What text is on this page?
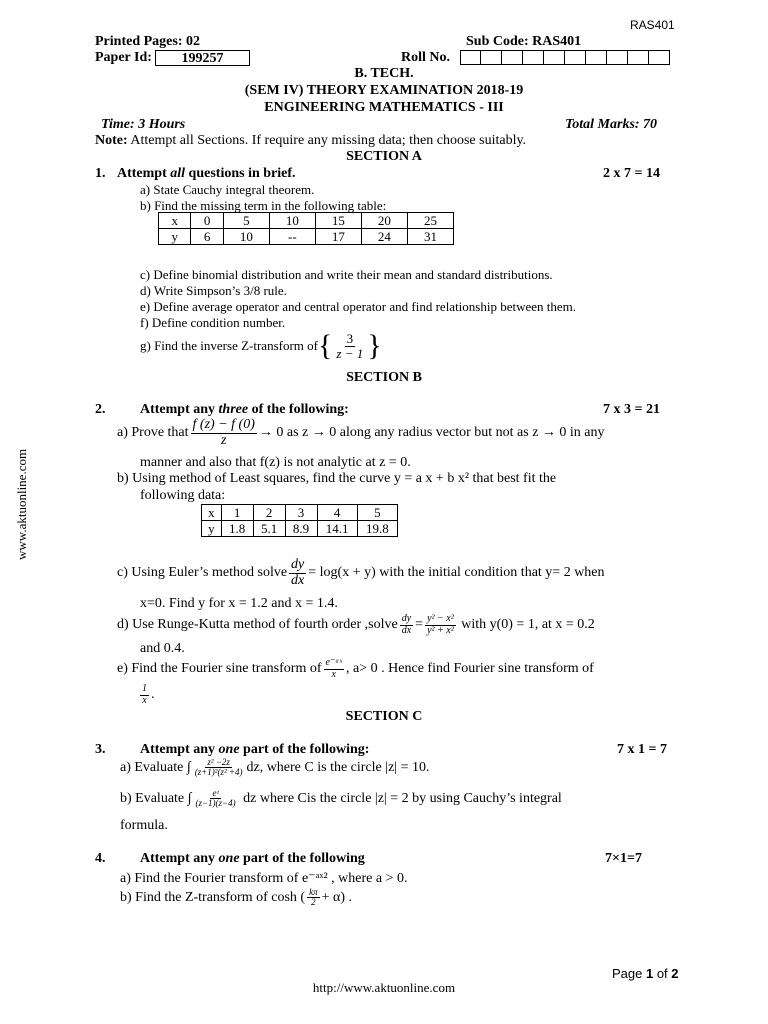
RAS401
Printed Pages: 02	Sub Code: RAS401
Paper Id:	199257	Roll No.
B. TECH.
(SEM IV) THEORY EXAMINATION 2018-19
ENGINEERING MATHEMATICS - III
Time: 3 Hours	Total Marks: 70
Note: Attempt all Sections. If require any missing data; then choose suitably.
SECTION A
1. Attempt all questions in brief.	2 x 7 = 14
a) State Cauchy integral theorem.
b) Find the missing term in the following table:
x	0	5	10	15	20	25
y	6	10	--	17	24	31
c) Define binomial distribution and write their mean and standard distributions.
d) Write Simpson’s 3/8 rule.
e) Define average operator and central operator and find relationship between them.
f) Define condition number.
g) Find the inverse Z-transform of { $\frac{3}{z - 1}$ }
SECTION B
2. Attempt any three of the following:	7 x 3 = 21
a) Prove that $\frac{f (z) - f (0)}{z} \to 0$ as z → 0 along any radius vector but not as z → 0 in any
manner and also that f(z) is not analytic at z = 0.
b) Using method of Least squares, find the curve y = a x + b x² that best fit the
following data:
x	1	2	3	4	5
y	1.8	5.1	8.9	14.1	19.8
c) Using Euler’s method solve $\frac{dy}{dx} = \log(x + y)$ with the initial condition that y= 2 when
x=0. Find y for x = 1.2 and x = 1.4.
d) Use Runge-Kutta method of fourth order ,solve $\frac{dy}{dx} = \frac{\text{y² − x²}}{\text{y² + x²}}$
with y(0) = 1, at x = 0.2
and 0.4.
e) Find the Fourier sine transform of $\frac{\text{e⁻ᵃˣ}}{x}$ , a> 0 . Hence find Fourier sine transform of
$\frac{1}{x}$ .
SECTION C
3. Attempt any one part of the following:	7 x 1 = 7
a) Evaluate ∫ $\frac{\text{z² −2z}}{\text{(z+1)²(z² +4)}}$ dz, where C is the circle |z| = 10.
b) Evaluate ∫ $\frac{\text{eᶻ}}{(z-1)(z-4)}$
dz where Cis the circle |z| = 2 by using Cauchy’s integral
formula.
4. Attempt any one part of the following	7×1=7
a) Find the Fourier transform of e⁻ᵃˣ² , where a > 0.
b) Find the Z-transform of cosh ( $\frac{k\pi}{2} + \alpha$) .
Page 1 of 2
http://www.aktuonline.com
www.aktuonline.com
